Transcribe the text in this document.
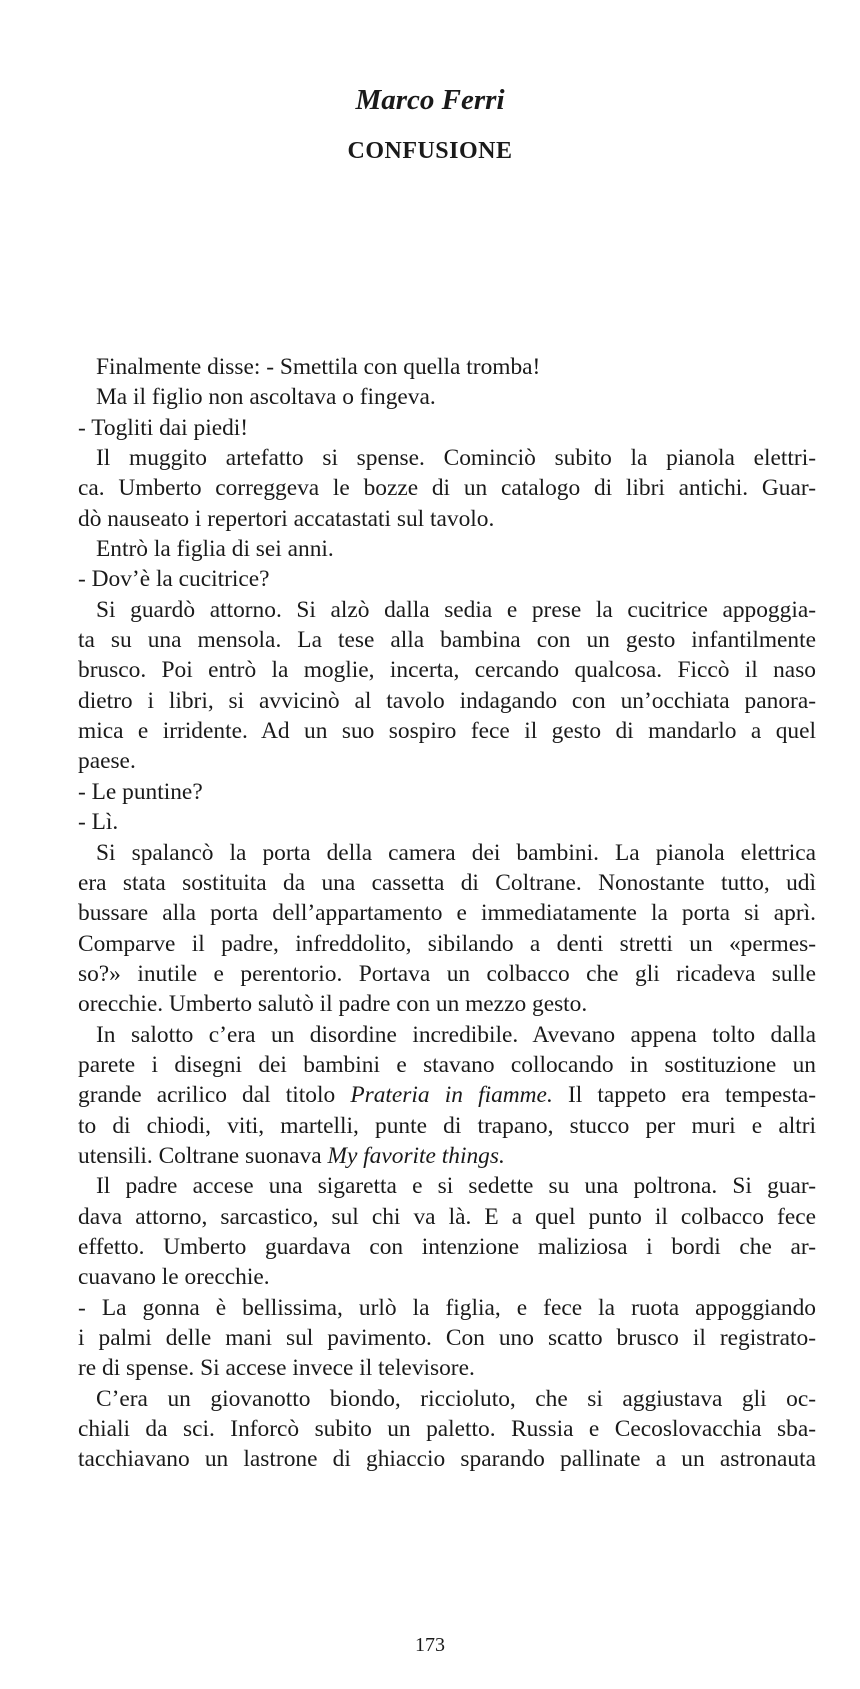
Marco Ferri
CONFUSIONE
Finalmente disse: - Smettila con quella tromba!
Ma il figlio non ascoltava o fingeva.
- Togliti dai piedi!
Il muggito artefatto si spense. Cominciò subito la pianola elettri-
ca. Umberto correggeva le bozze di un catalogo di libri antichi. Guar-
dò nauseato i repertori accatastati sul tavolo.
Entrò la figlia di sei anni.
- Dov’è la cucitrice?
Si guardò attorno. Si alzò dalla sedia e prese la cucitrice appoggia-
ta su una mensola. La tese alla bambina con un gesto infantilmente
brusco. Poi entrò la moglie, incerta, cercando qualcosa. Ficcò il naso
dietro i libri, si avvicinò al tavolo indagando con un’occhiata panora-
mica e irridente. Ad un suo sospiro fece il gesto di mandarlo a quel
paese.
- Le puntine?
- Lì.
Si spalancò la porta della camera dei bambini. La pianola elettrica
era stata sostituita da una cassetta di Coltrane. Nonostante tutto, udì
bussare alla porta dell’appartamento e immediatamente la porta si aprì.
Comparve il padre, infreddolito, sibilando a denti stretti un «permes-
so?» inutile e perentorio. Portava un colbacco che gli ricadeva sulle
orecchie. Umberto salutò il padre con un mezzo gesto.
In salotto c’era un disordine incredibile. Avevano appena tolto dalla
parete i disegni dei bambini e stavano collocando in sostituzione un
grande acrilico dal titolo Prateria in fiamme. Il tappeto era tempesta-
to di chiodi, viti, martelli, punte di trapano, stucco per muri e altri
utensili. Coltrane suonava My favorite things.
Il padre accese una sigaretta e si sedette su una poltrona. Si guar-
dava attorno, sarcastico, sul chi va là. E a quel punto il colbacco fece
effetto. Umberto guardava con intenzione maliziosa i bordi che ar-
cuavano le orecchie.
- La gonna è bellissima, urlò la figlia, e fece la ruota appoggiando
i palmi delle mani sul pavimento. Con uno scatto brusco il registrato-
re di spense. Si accese invece il televisore.
C’era un giovanotto biondo, riccioluto, che si aggiustava gli oc-
chiali da sci. Inforcò subito un paletto. Russia e Cecoslovacchia sba-
tacchiavano un lastrone di ghiaccio sparando pallinate a un astronauta
173
